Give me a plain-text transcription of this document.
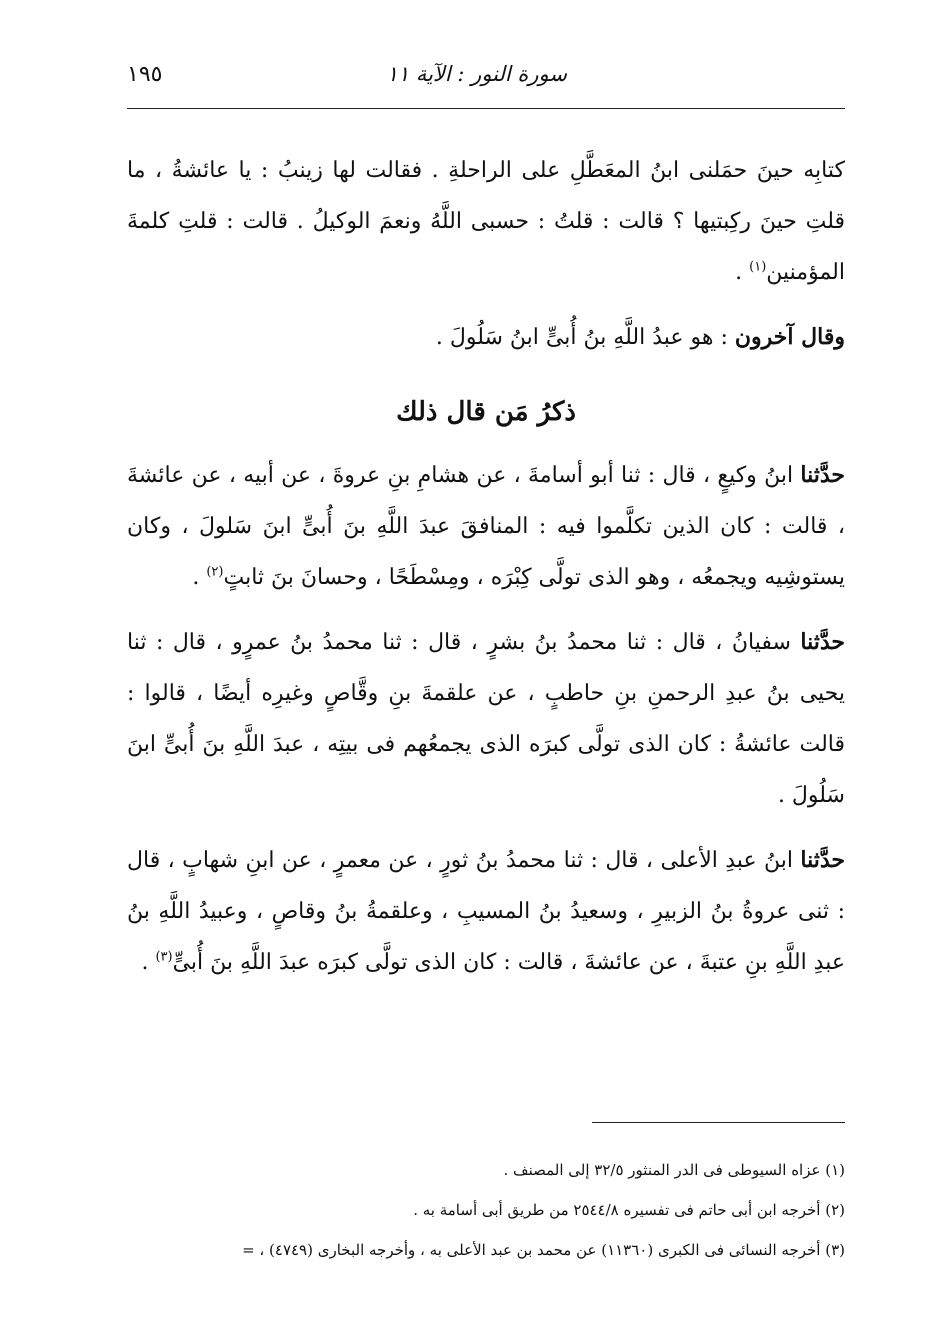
سورة النور : الآية ١١
١٩٥

كتابِه حينَ حمَلنى ابنُ المعَطَّلِ على الراحلةِ . فقالت لها زينبُ : يا عائشةُ ، ما قلتِ حينَ ركِبتيها ؟ قالت : قلتُ : حسبى اللَّهُ ونعمَ الوكيلُ . قالت : قلتِ كلمةَ المؤمنين$^{(١)}$ .

وقال آخرون : هو عبدُ اللَّهِ بنُ أُبىٍّ ابنُ سَلُولَ .

ذكرُ مَن قال ذلك

حدَّثنا ابنُ وكيعٍ ، قال : ثنا أبو أسامةَ ، عن هشامِ بنِ عروةَ ، عن أبيه ، عن عائشةَ ، قالت : كان الذين تكلَّموا فيه : المنافقَ عبدَ اللَّهِ بنَ أُبىٍّ ابنَ سَلولَ ، وكان يستوشِيه ويجمعُه ، وهو الذى تولَّى كِبْرَه ، ومِسْطَحًا ، وحسانَ بنَ ثابتٍ$^{(٢)}$ .

حدَّثنا سفيانُ ، قال : ثنا محمدُ بنُ بشرٍ ، قال : ثنا محمدُ بنُ عمرٍو ، قال : ثنا يحيى بنُ عبدِ الرحمنِ بنِ حاطبٍ ، عن علقمةَ بنِ وقَّاصٍ وغيرِه أيضًا ، قالوا : قالت عائشةُ : كان الذى تولَّى كبرَه الذى يجمعُهم فى بيتِه ، عبدَ اللَّهِ بنَ أُبىٍّ ابنَ سَلُولَ .

حدَّثنا ابنُ عبدِ الأعلى ، قال : ثنا محمدُ بنُ ثورٍ ، عن معمرٍ ، عن ابنِ شهابٍ ، قال : ثنى عروةُ بنُ الزبيرِ ، وسعيدُ بنُ المسيبِ ، وعلقمةُ بنُ وقاصٍ ، وعبيدُ اللَّهِ بنُ عبدِ اللَّهِ بنِ عتبةَ ، عن عائشةَ ، قالت : كان الذى تولَّى كبرَه عبدَ اللَّهِ بنَ أُبىٍّ$^{(٣)}$ .

(١) عزاه السيوطى فى الدر المنثور ٣٢/٥ إلى المصنف .

(٢) أخرجه ابن أبى حاتم فى تفسيره ٢٥٤٤/٨ من طريق أبى أسامة به .

(٣) أخرجه النسائى فى الكبرى (١١٣٦٠) عن محمد بن عبد الأعلى به ، وأخرجه البخارى (٤٧٤٩) ، =
